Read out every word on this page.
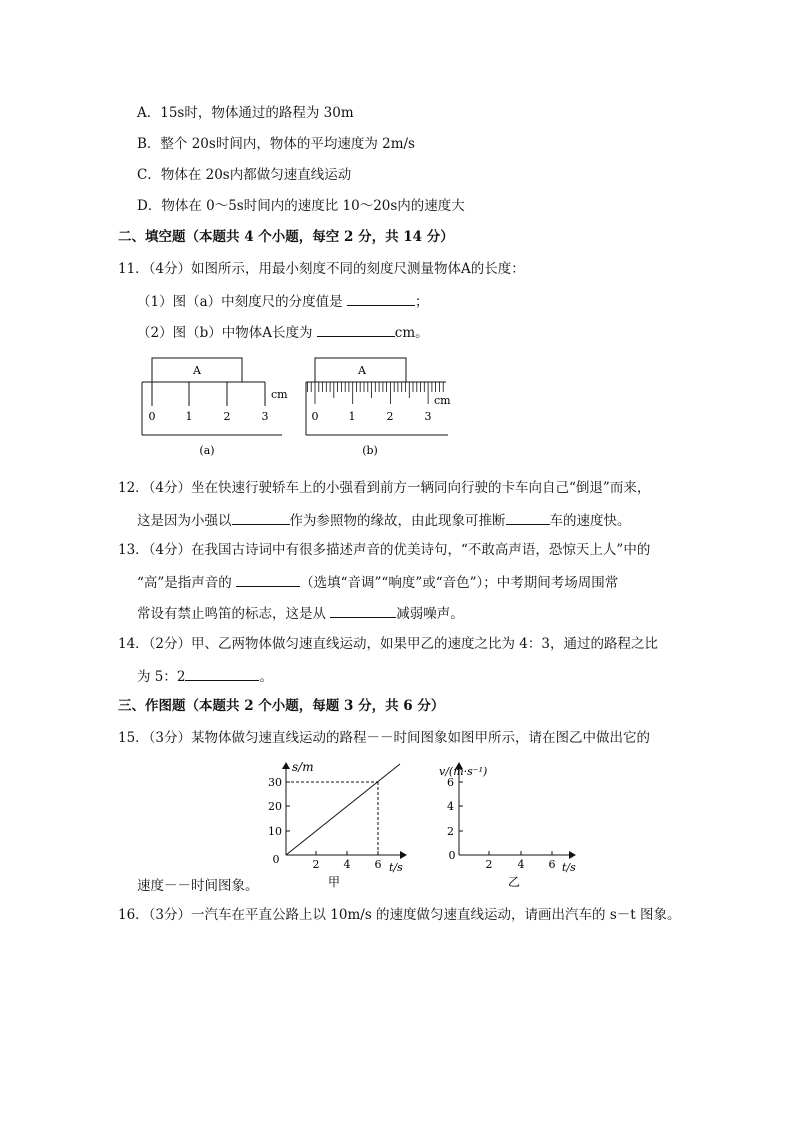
A．15s时，物体通过的路程为 30m
B．整个 20s时间内，物体的平均速度为 2m/s
C．物体在 20s内都做匀速直线运动
D．物体在 0～5s时间内的速度比 10～20s内的速度大
二、填空题（本题共 4 个小题，每空 2 分，共 14 分）
11．（4分）如图所示，用最小刻度不同的刻度尺测量物体A的长度：
（1）图（a）中刻度尺的分度值是	；
（2）图（b）中物体A长度为	cm。
A
0	1	2	3
cm
(a)
A
0	1	2	3
cm
(b)
12．（4分）坐在快速行驶轿车上的小强看到前方一辆同向行驶的卡车向自己“倒退”而来，
这是因为小强以	作为参照物的缘故，由此现象可推断	车的速度快。
13．（4分）在我国古诗词中有很多描述声音的优美诗句，“不敢高声语，恐惊天上人”中的
“高”是指声音的	（选填“音调”“响度”或“音色”）；中考期间考场周围常
常设有禁止鸣笛的标志，这是从	减弱噪声。
14．（2分）甲、乙两物体做匀速直线运动，如果甲乙的速度之比为 4：3，通过的路程之比
为 5：2	。
三、作图题（本题共 2 个小题，每题 3 分，共 6 分）
15．（3分）某物体做匀速直线运动的路程－－时间图象如图甲所示，请在图乙中做出它的
s/m
t/s
0
10
20
30
2 4 6
甲
v/(m·s⁻¹)
t/s
0
2
4
6
2 4 6
乙
速度－－时间图象。
16．（3分）一汽车在平直公路上以 10m/s 的速度做匀速直线运动，请画出汽车的 s－t 图象。
